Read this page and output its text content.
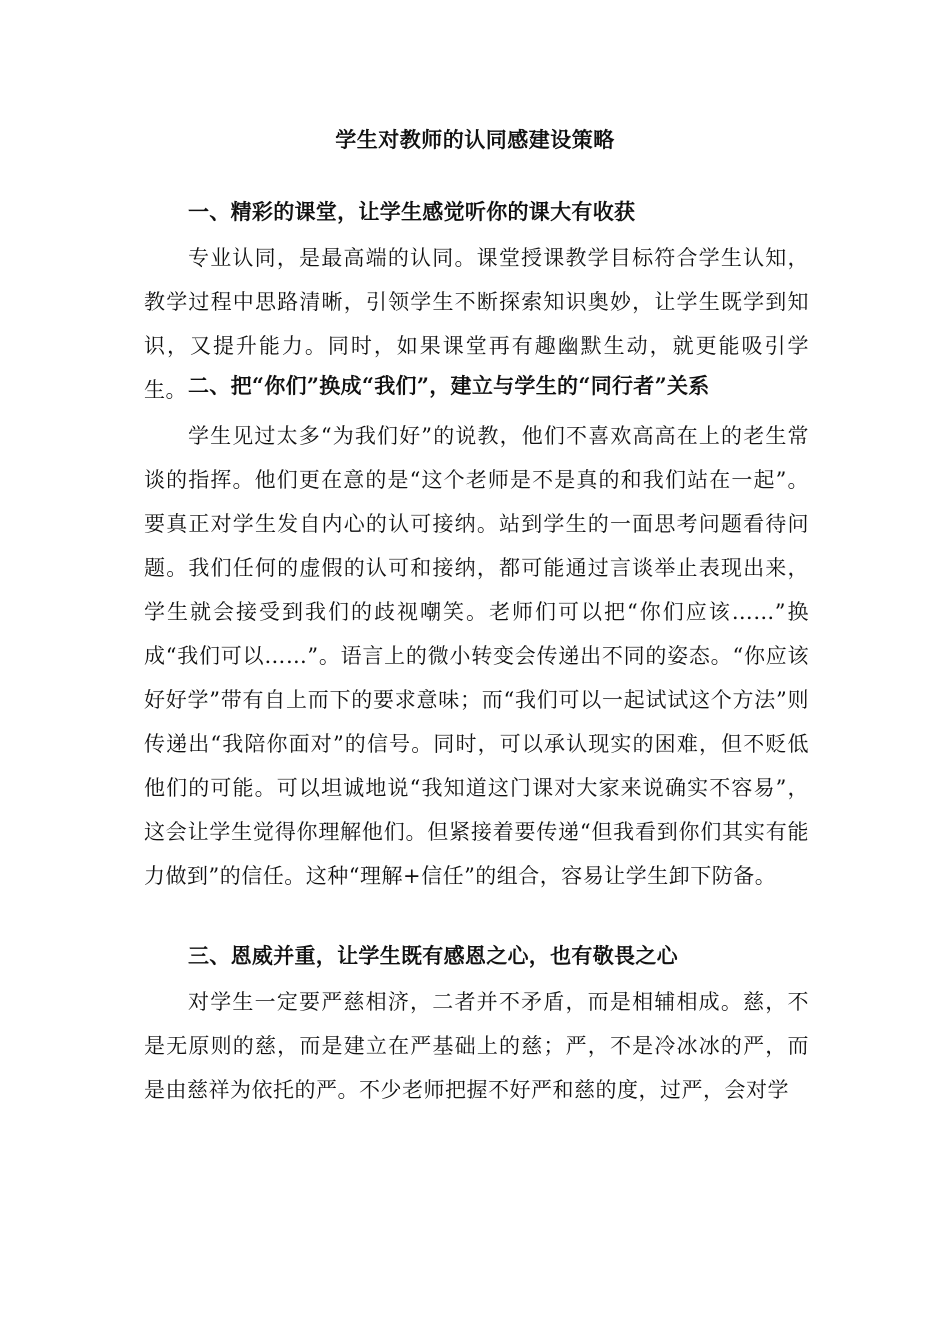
学生对教师的认同感建设策略
一、精彩的课堂，让学生感觉听你的课大有收获
专业认同，是最高端的认同。课堂授课教学目标符合学生认知，教学过程中思路清晰，引领学生不断探索知识奥妙，让学生既学到知识，又提升能力。同时，如果课堂再有趣幽默生动，就更能吸引学生。 二、把“你们”换成“我们”，建立与学生的“同行者”关系
学生见过太多“为我们好”的说教，他们不喜欢高高在上的老生常谈的指挥。他们更在意的是“这个老师是不是真的和我们站在一起”。要真正对学生发自内心的认可接纳。站到学生的一面思考问题看待问题。我们任何的虚假的认可和接纳，都可能通过言谈举止表现出来，学生就会接受到我们的歧视嘲笑。老师们可以把“你们应该……”换成“我们可以……”。语言上的微小转变会传递出不同的姿态。“你应该好好学”带有自上而下的要求意味；而“我们可以一起试试这个方法”则传递出“我陪你面对”的信号。同时，可以承认现实的困难，但不贬低他们的可能。可以坦诚地说“我知道这门课对大家来说确实不容易”，这会让学生觉得你理解他们。但紧接着要传递“但我看到你们其实有能力做到”的信任。这种“理解+信任”的组合，容易让学生卸下防备。
三、恩威并重，让学生既有感恩之心，也有敬畏之心
对学生一定要严慈相济，二者并不矛盾，而是相辅相成。慈，不是无原则的慈，而是建立在严基础上的慈；严，不是冷冰冰的严，而是由慈祥为依托的严。不少老师把握不好严和慈的度，过严，会对学
